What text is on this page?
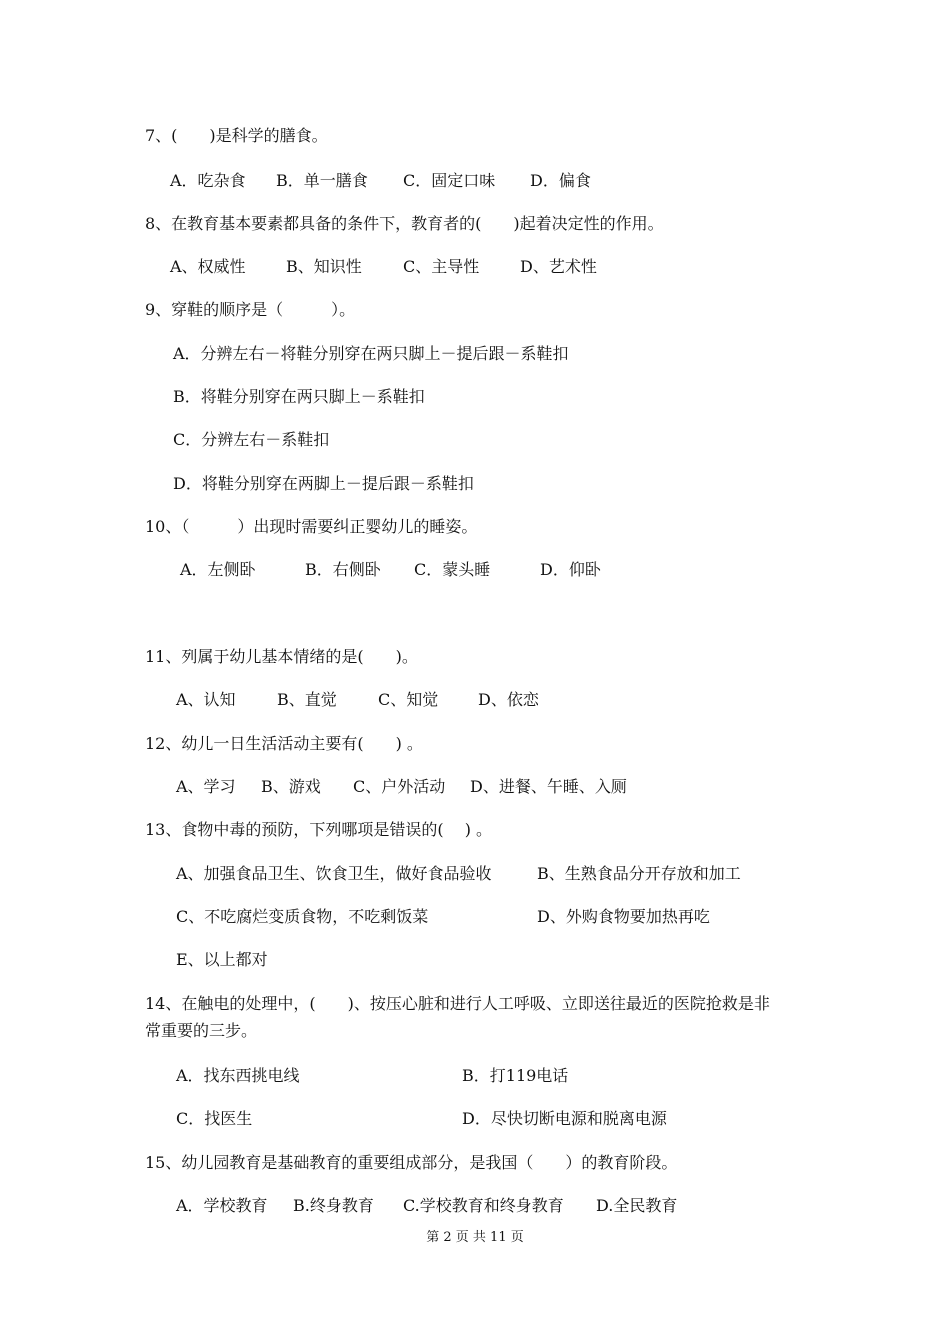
7、(　　)是科学的膳食。
A．吃杂食 B．单一膳食 C．固定口味 D．偏食
8、在教育基本要素都具备的条件下，教育者的(　　)起着决定性的作用。
A、权威性	B、知识性	C、主导性	D、艺术性
9、穿鞋的顺序是（　　　）。
A．分辨左右－将鞋分别穿在两只脚上－提后跟－系鞋扣
B．将鞋分别穿在两只脚上－系鞋扣
C．分辨左右－系鞋扣
D．将鞋分别穿在两脚上－提后跟－系鞋扣
10、（　　　）出现时需要纠正婴幼儿的睡姿。
A．左侧卧	B．右侧卧 C．蒙头睡	D．仰卧
11、列属于幼儿基本情绪的是(　　)。
A、认知	B、直觉	C、知觉 D、依恋
12、幼儿一日生活活动主要有(　　) 。
A、学习 B、游戏 C、户外活动 D、进餐、午睡、入厕
13、食物中毒的预防，下列哪项是错误的(　 ) 。
A、加强食品卫生、饮食卫生，做好食品验收	B、生熟食品分开存放和加工
C、不吃腐烂变质食物，不吃剩饭菜	D、外购食物要加热再吃
E、以上都对
14、在触电的处理中，(　　)、按压心脏和进行人工呼吸、立即送往最近的医院抢救是非
常重要的三步。
A．找东西挑电线	B．打119电话
C．找医生	D．尽快切断电源和脱离电源
15、幼儿园教育是基础教育的重要组成部分，是我国（　　）的教育阶段。
A．学校教育 B.终身教育 C.学校教育和终身教育 D.全民教育
第 2 页 共 11 页
